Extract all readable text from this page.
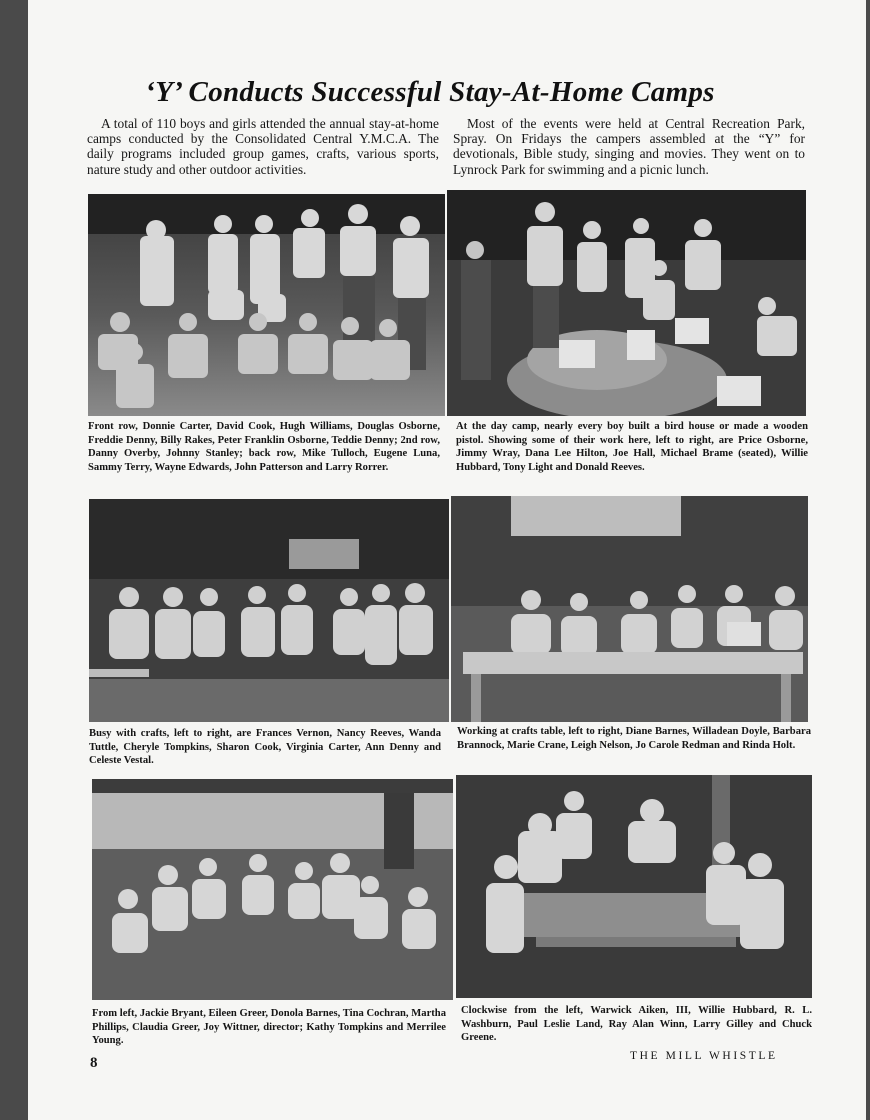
‘Y’ Conducts Successful Stay-At-Home Camps
A total of 110 boys and girls attended the annual stay-at-home camps conducted by the Consolidated Central Y.M.C.A. The daily programs included group games, crafts, various sports, nature study and other outdoor activities.
Most of the events were held at Central Recreation Park, Spray. On Fridays the campers assembled at the “Y” for devotionals, Bible study, singing and movies. They went on to Lynrock Park for swimming and a picnic lunch.
Front row, Donnie Carter, David Cook, Hugh Williams, Douglas Osborne, Freddie Denny, Billy Rakes, Peter Franklin Osborne, Teddie Denny; 2nd row, Danny Overby, Johnny Stanley; back row, Mike Tulloch, Eugene Luna, Sammy Terry, Wayne Edwards, John Patterson and Larry Rorrer.
At the day camp, nearly every boy built a bird house or made a wooden pistol. Showing some of their work here, left to right, are Price Osborne, Jimmy Wray, Dana Lee Hilton, Joe Hall, Michael Brame (seated), Willie Hubbard, Tony Light and Donald Reeves.
Busy with crafts, left to right, are Frances Vernon, Nancy Reeves, Wanda Tuttle, Cheryle Tompkins, Sharon Cook, Virginia Carter, Ann Denny and Celeste Vestal.
Working at crafts table, left to right, Diane Barnes, Willadean Doyle, Barbara Brannock, Marie Crane, Leigh Nelson, Jo Carole Redman and Rinda Holt.
From left, Jackie Bryant, Eileen Greer, Donola Barnes, Tina Cochran, Martha Phillips, Claudia Greer, Joy Wittner, director; Kathy Tompkins and Merrilee Young.
Clockwise from the left, Warwick Aiken, III, Willie Hubbard, R. L. Washburn, Paul Leslie Land, Ray Alan Winn, Larry Gilley and Chuck Greene.
8	THE MILL WHISTLE
